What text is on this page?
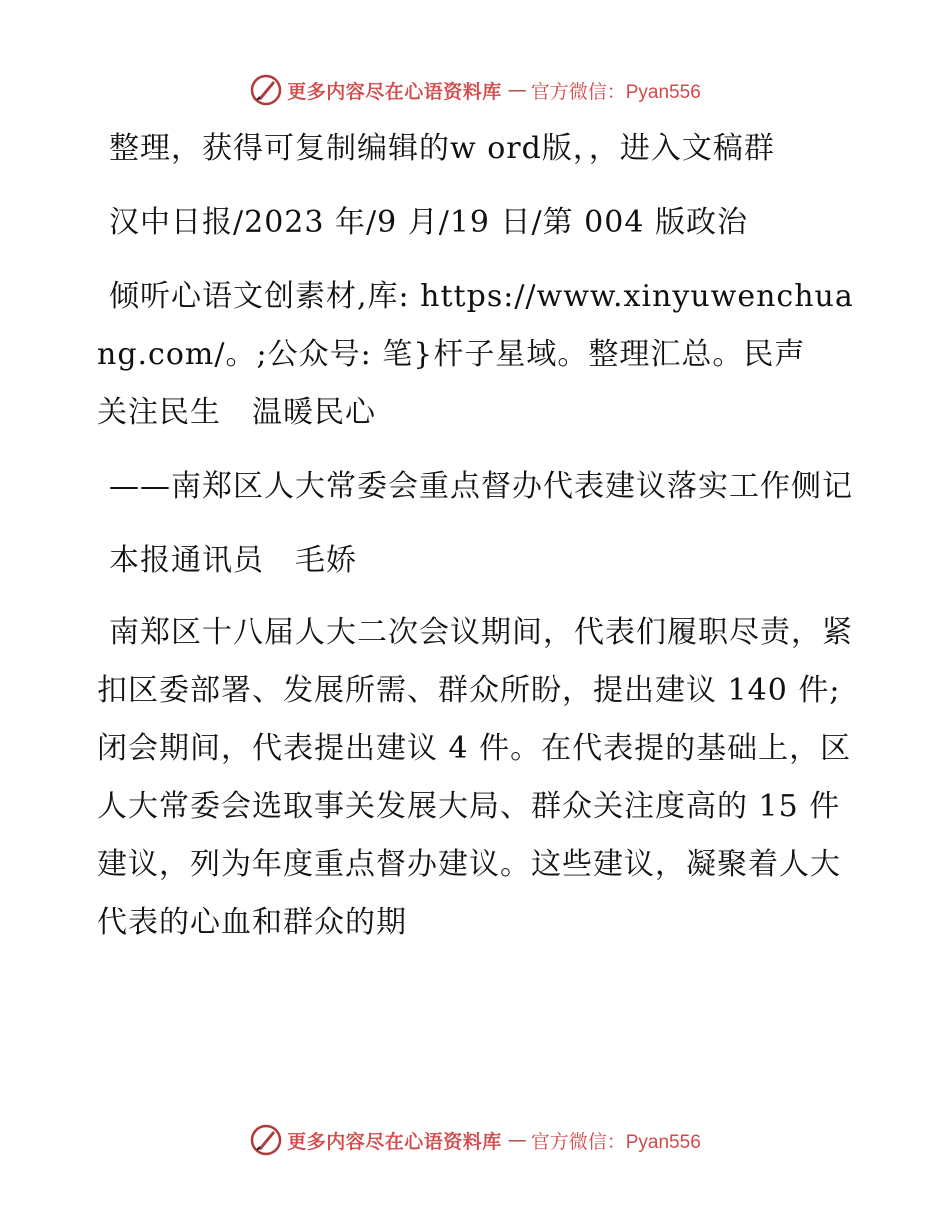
更多内容尽在心语资料库 — 官方微信：Pyan556

整理，获得可复制编辑的w ord版，，进入文稿群

汉中日报/2023 年/9 月/19 日/第 004 版政治

倾听心语文创素材,库: https://www.xinyuwenchuang.com/。;公众号: 笔}杆子星域。整理汇总。民声　关注民生　温暖民心

——南郑区人大常委会重点督办代表建议落实工作侧记

本报通讯员　毛娇

南郑区十八届人大二次会议期间，代表们履职尽责，紧扣区委部署、发展所需、群众所盼，提出建议 140 件; 闭会期间，代表提出建议 4 件。在代表提的基础上，区人大常委会选取事关发展大局、群众关注度高的 15 件建议，列为年度重点督办建议。这些建议，凝聚着人大代表的心血和群众的期

更多内容尽在心语资料库 — 官方微信：Pyan556
